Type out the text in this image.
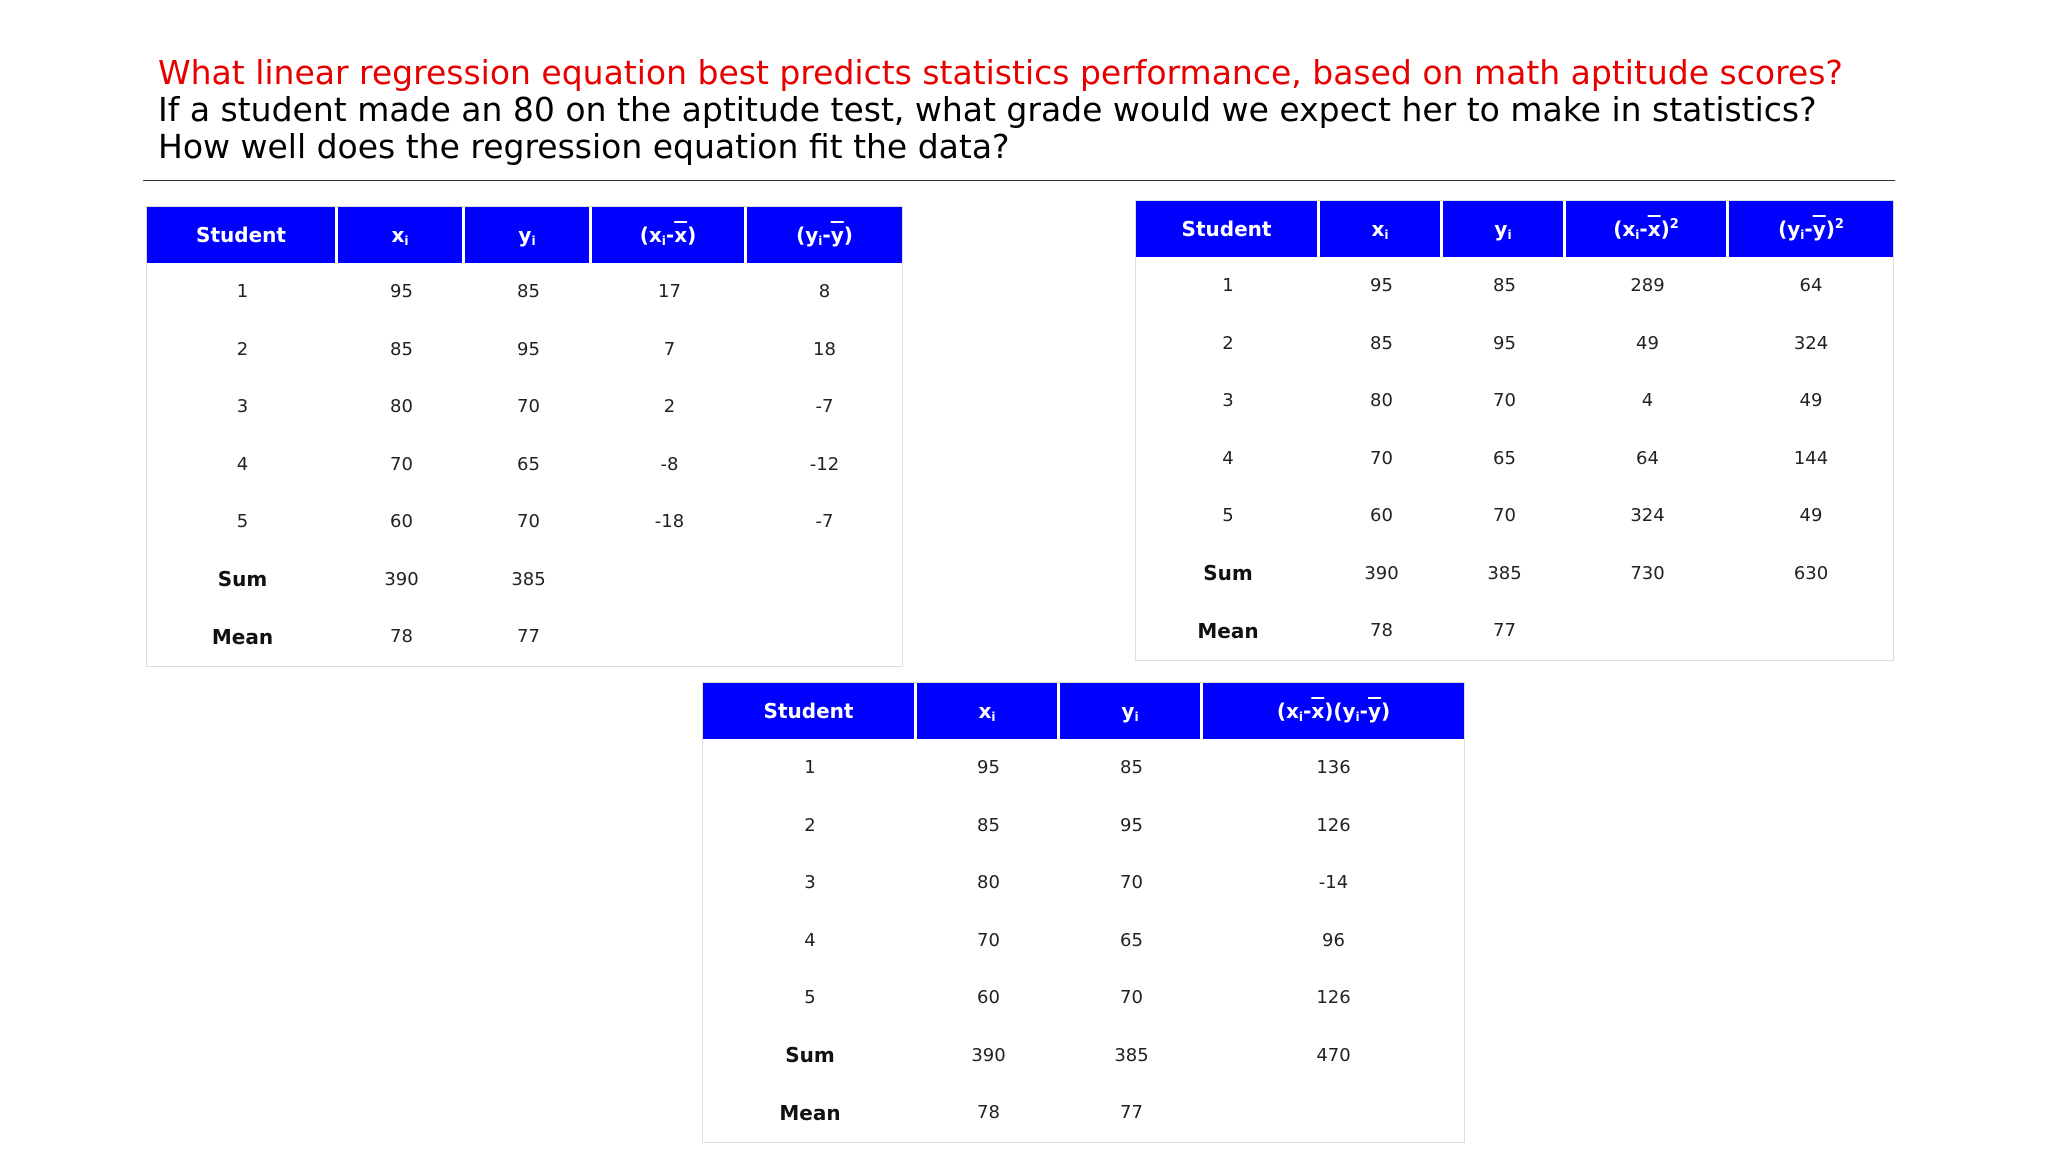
What linear regression equation best predicts statistics performance, based on math aptitude scores?
If a student made an 80 on the aptitude test, what grade would we expect her to make in statistics?
How well does the regression equation fit the data?
Student	$x_i$	$y_i$	$(x_i-\overline{x})$	$(y_i-\overline{y})$
1	95	85	17	8
2	85	95	7	18
3	80	70	2	-7
4	70	65	-8	-12
5	60	70	-18	-7
Sum	390	385		
Mean	78	77		
Student	$x_i$	$y_i$	$(x_i-\overline{x})^2$	$(y_i-\overline{y})^2$
1	95	85	289	64
2	85	95	49	324
3	80	70	4	49
4	70	65	64	144
5	60	70	324	49
Sum	390	385	730	630
Mean	78	77		
Student	$x_i$	$y_i$	$(x_i-\overline{x})(y_i-\overline{y})$
1	95	85	136
2	85	95	126
3	80	70	-14
4	70	65	96
5	60	70	126
Sum	390	385	470
Mean	78	77	
